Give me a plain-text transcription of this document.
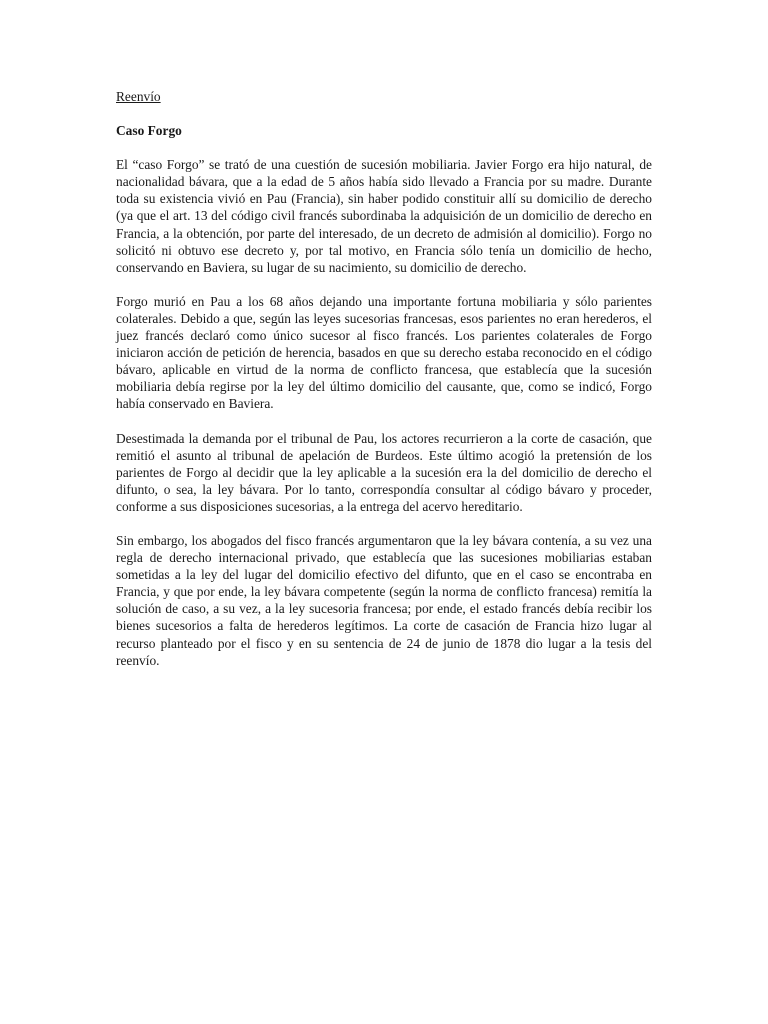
Reenvío

Caso Forgo

El “caso Forgo” se trató de una cuestión de sucesión mobiliaria. Javier Forgo era hijo natural, de nacionalidad bávara, que a la edad de 5 años había sido llevado a Francia por su madre. Durante toda su existencia vivió en Pau (Francia), sin haber podido constituir allí su domicilio de derecho (ya que el art. 13 del código civil francés subordinaba la adquisición de un domicilio de derecho en Francia, a la obtención, por parte del interesado, de un decreto de admisión al domicilio). Forgo no solicitó ni obtuvo ese decreto y, por tal motivo, en Francia sólo tenía un domicilio de hecho, conservando en Baviera, su lugar de su nacimiento, su domicilio de derecho.

Forgo murió en Pau a los 68 años dejando una importante fortuna mobiliaria y sólo parientes colaterales. Debido a que, según las leyes sucesorias francesas, esos parientes no eran herederos, el juez francés declaró como único sucesor al fisco francés. Los parientes colaterales de Forgo iniciaron acción de petición de herencia, basados en que su derecho estaba reconocido en el código bávaro, aplicable en virtud de la norma de conflicto francesa, que establecía que la sucesión mobiliaria debía regirse por la ley del último domicilio del causante, que, como se indicó, Forgo había conservado en Baviera.

Desestimada la demanda por el tribunal de Pau, los actores recurrieron a la corte de casación, que remitió el asunto al tribunal de apelación de Burdeos. Este último acogió la pretensión de los parientes de Forgo al decidir que la ley aplicable a la sucesión era la del domicilio de derecho el difunto, o sea, la ley bávara. Por lo tanto, correspondía consultar al código bávaro y proceder, conforme a sus disposiciones sucesorias, a la entrega del acervo hereditario.

Sin embargo, los abogados del fisco francés argumentaron que la ley bávara contenía, a su vez una regla de derecho internacional privado, que establecía que las sucesiones mobiliarias estaban sometidas a la ley del lugar del domicilio efectivo del difunto, que en el caso se encontraba en Francia, y que por ende, la ley bávara competente (según la norma de conflicto francesa) remitía la solución de caso, a su vez, a la ley sucesoria francesa; por ende, el estado francés debía recibir los bienes sucesorios a falta de herederos legítimos. La corte de casación de Francia hizo lugar al recurso planteado por el fisco y en su sentencia de 24 de junio de 1878 dio lugar a la tesis del reenvío.
